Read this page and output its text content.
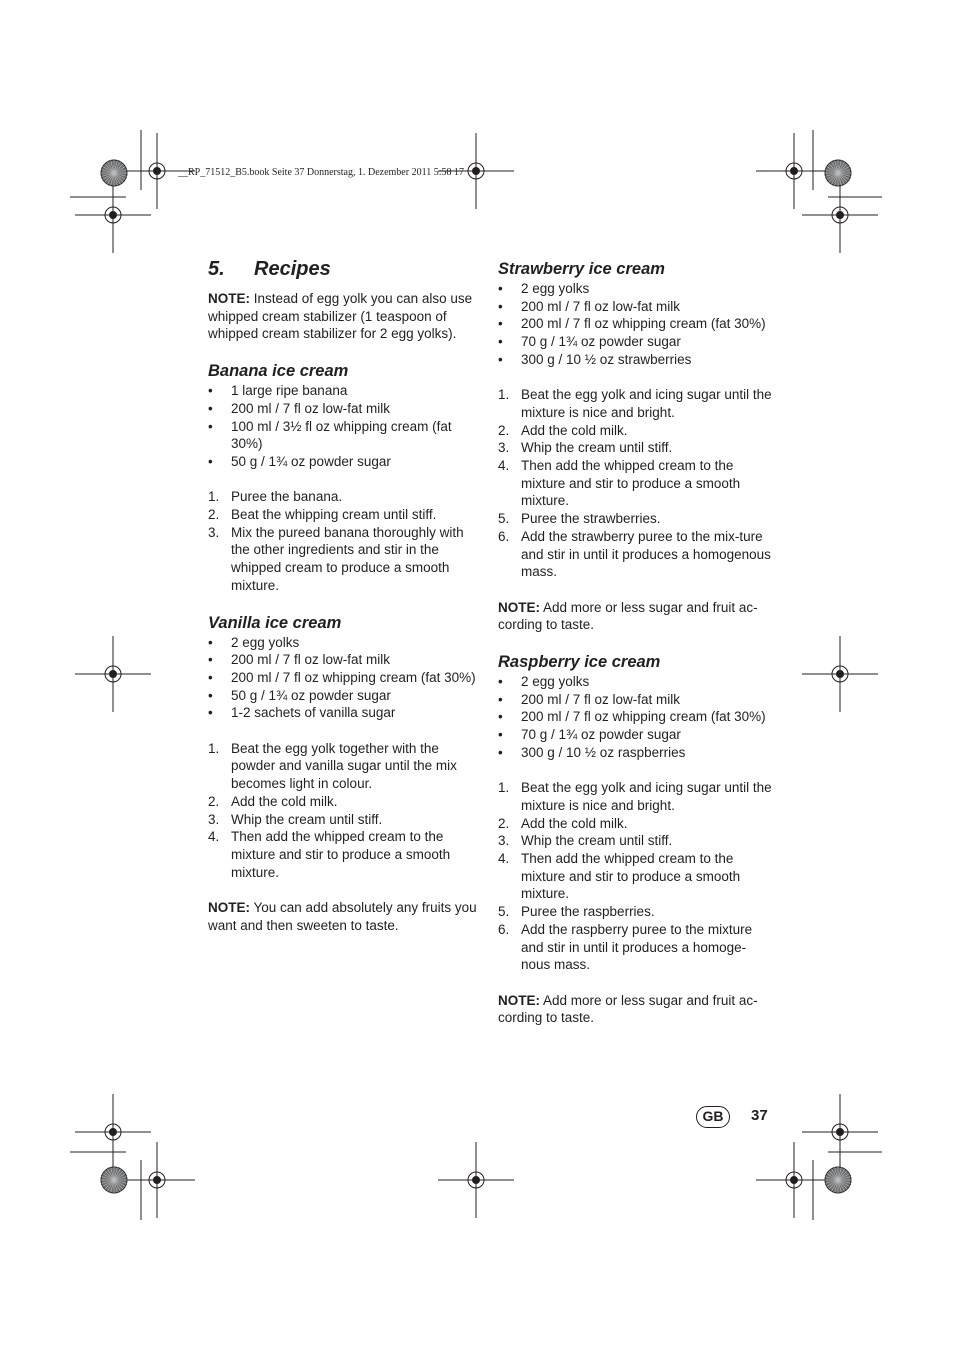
__RP_71512_B5.book Seite 37 Donnerstag, 1. Dezember 2011 5:58 17
5.	Recipes

NOTE: Instead of egg yolk you can also use whipped cream stabilizer (1 teaspoon of whipped cream stabilizer for 2 egg yolks).

Banana ice cream
• 1 large ripe banana
• 200 ml / 7 fl oz low-fat milk
• 100 ml / 3½ fl oz whipping cream (fat 30%)
• 50 g / 1¾ oz powder sugar
1. Puree the banana.
2. Beat the whipping cream until stiff.
3. Mix the pureed banana thoroughly with the other ingredients and stir in the whipped cream to produce a smooth mixture.
Vanilla ice cream
• 2 egg yolks
• 200 ml / 7 fl oz low-fat milk
• 200 ml / 7 fl oz whipping cream (fat 30%)
• 50 g / 1¾ oz powder sugar
• 1-2 sachets of vanilla sugar
1. Beat the egg yolk together with the powder and vanilla sugar until the mix becomes light in colour.
2. Add the cold milk.
3. Whip the cream until stiff.
4. Then add the whipped cream to the mixture and stir to produce a smooth mixture.

NOTE: You can add absolutely any fruits you want and then sweeten to taste.

Strawberry ice cream
• 2 egg yolks
• 200 ml / 7 fl oz low-fat milk
• 200 ml / 7 fl oz whipping cream (fat 30%)
• 70 g / 1¾ oz powder sugar
• 300 g / 10 ½ oz strawberries
1. Beat the egg yolk and icing sugar until the mixture is nice and bright.
2. Add the cold milk.
3. Whip the cream until stiff.
4. Then add the whipped cream to the mixture and stir to produce a smooth mixture.
5. Puree the strawberries.
6. Add the strawberry puree to the mix-ture and stir in until it produces a homogenous mass.

NOTE: Add more or less sugar and fruit ac-cording to taste.

Raspberry ice cream
• 2 egg yolks
• 200 ml / 7 fl oz low-fat milk
• 200 ml / 7 fl oz whipping cream (fat 30%)
• 70 g / 1¾ oz powder sugar
• 300 g / 10 ½ oz raspberries
1. Beat the egg yolk and icing sugar until the mixture is nice and bright.
2. Add the cold milk.
3. Whip the cream until stiff.
4. Then add the whipped cream to the mixture and stir to produce a smooth mixture.
5. Puree the raspberries.
6. Add the raspberry puree to the mixture and stir in until it produces a homoge-nous mass.

NOTE: Add more or less sugar and fruit ac-cording to taste.

GB	37
